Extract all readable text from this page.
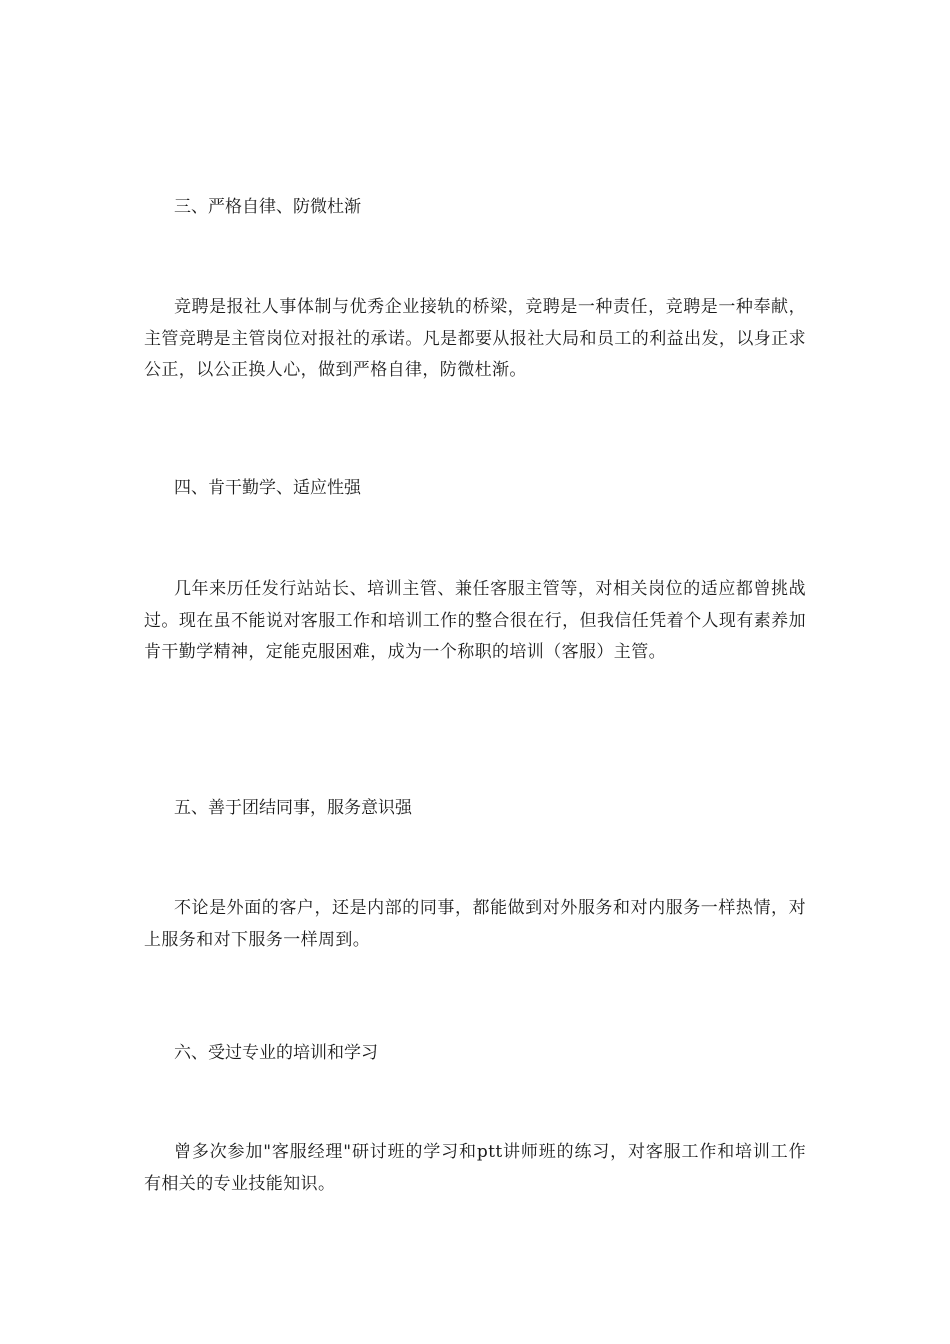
三、严格自律、防微杜渐
竞聘是报社人事体制与优秀企业接轨的桥梁，竞聘是一种责任，竞聘是一种奉献，主管竞聘是主管岗位对报社的承诺。凡是都要从报社大局和员工的利益出发，以身正求公正，以公正换人心，做到严格自律，防微杜渐。
四、肯干勤学、适应性强
几年来历任发行站站长、培训主管、兼任客服主管等，对相关岗位的适应都曾挑战过。现在虽不能说对客服工作和培训工作的整合很在行，但我信任凭着个人现有素养加肯干勤学精神，定能克服困难，成为一个称职的培训（客服）主管。
五、善于团结同事，服务意识强
不论是外面的客户，还是内部的同事，都能做到对外服务和对内服务一样热情，对上服务和对下服务一样周到。
六、受过专业的培训和学习
曾多次参加"客服经理"研讨班的学习和ptt讲师班的练习，对客服工作和培训工作有相关的专业技能知识。
